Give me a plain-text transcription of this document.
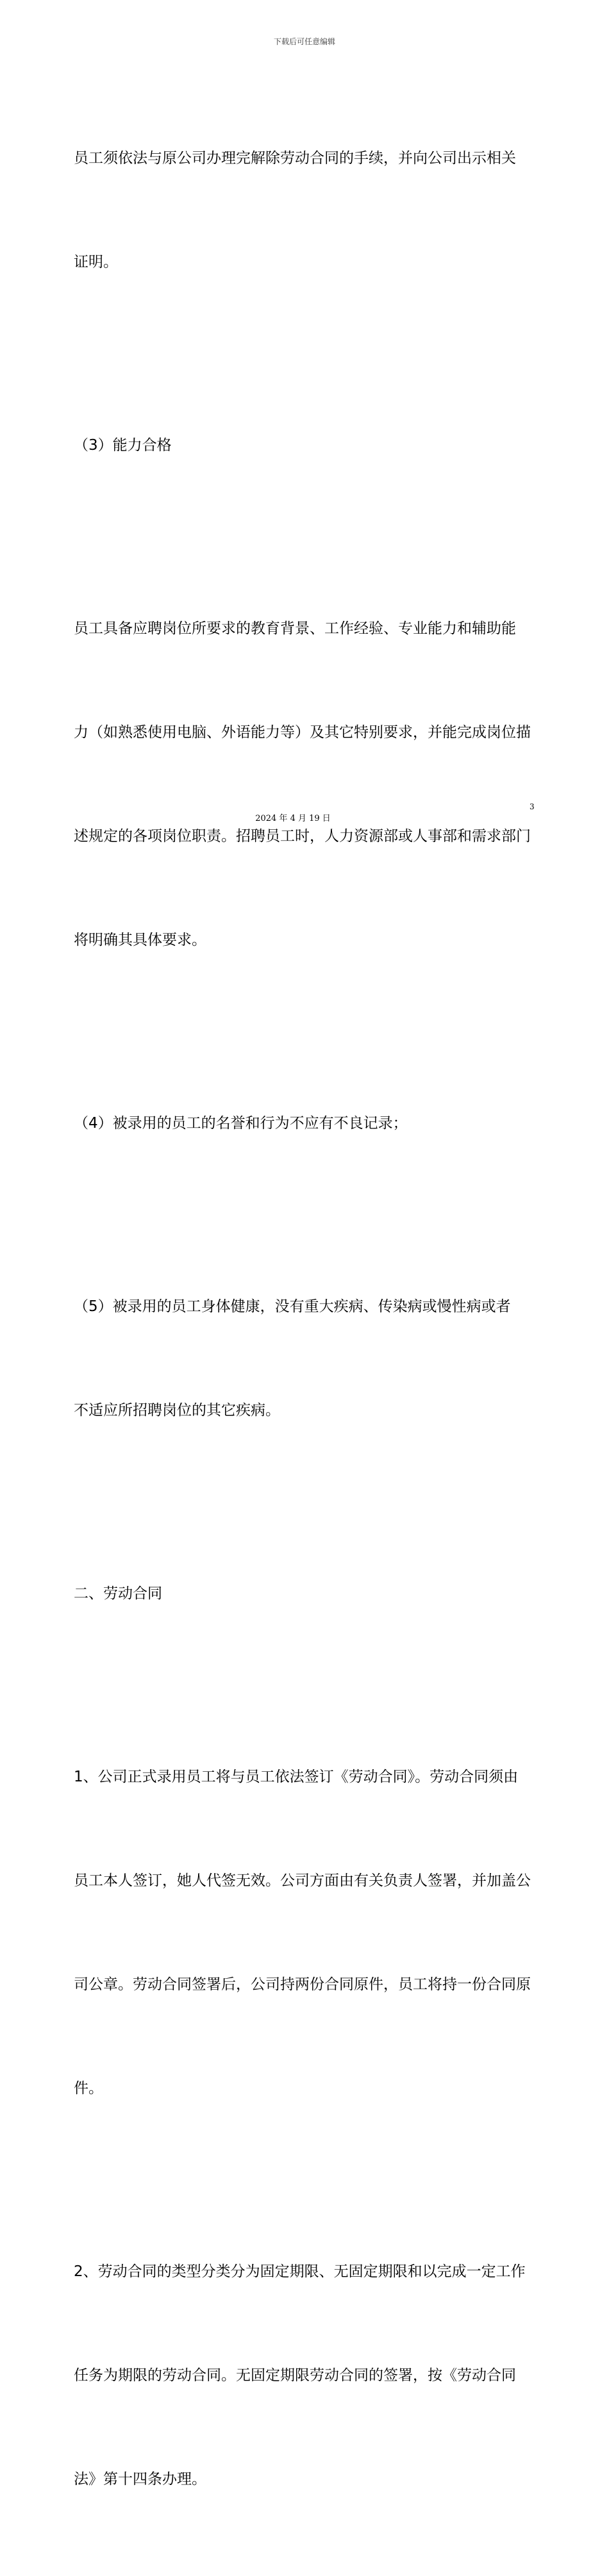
下载后可任意编辑

员工须依法与原公司办理完解除劳动合同的手续，并向公司出示相关

证明。

（3）能力合格

员工具备应聘岗位所要求的教育背景、工作经验、专业能力和辅助能

力（如熟悉使用电脑、外语能力等）及其它特别要求，并能完成岗位描

述规定的各项岗位职责。招聘员工时，人力资源部或人事部和需求部门

将明确其具体要求。

（4）被录用的员工的名誉和行为不应有不良记录；

（5）被录用的员工身体健康，没有重大疾病、传染病或慢性病或者

不适应所招聘岗位的其它疾病。

二、劳动合同

1、公司正式录用员工将与员工依法签订《劳动合同》。劳动合同须由

员工本人签订，她人代签无效。公司方面由有关负责人签署，并加盖公

司公章。劳动合同签署后，公司持两份合同原件，员工将持一份合同原

件。

2、劳动合同的类型分类分为固定期限、无固定期限和以完成一定工作

任务为期限的劳动合同。无固定期限劳动合同的签署，按《劳动合同

法》第十四条办理。

3
2024 年 4 月 19 日
